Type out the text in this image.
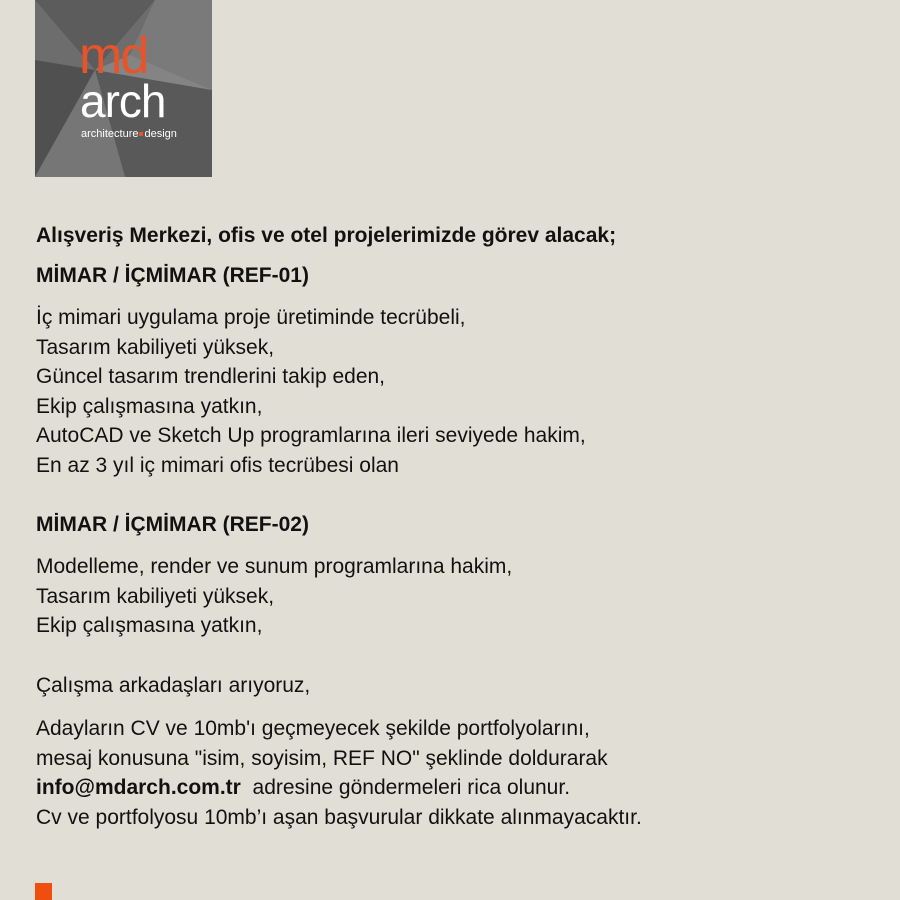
md
arch
architecture design

Alışveriş Merkezi, ofis ve otel projelerimizde görev alacak;

MİMAR / İÇMİMAR (REF-01)

İç mimari uygulama proje üretiminde tecrübeli,
Tasarım kabiliyeti yüksek,
Güncel tasarım trendlerini takip eden,
Ekip çalışmasına yatkın,
AutoCAD ve Sketch Up programlarına ileri seviyede hakim,
En az 3 yıl iç mimari ofis tecrübesi olan

MİMAR / İÇMİMAR (REF-02)

Modelleme, render ve sunum programlarına hakim,
Tasarım kabiliyeti yüksek,
Ekip çalışmasına yatkın,
Çalışma arkadaşları arıyoruz,
Adayların CV ve 10mb'ı geçmeyecek şekilde portfolyolarını,
mesaj konusuna "isim, soyisim, REF NO" şeklinde doldurarak
info@mdarch.com.tr  adresine göndermeleri rica olunur.
Cv ve portfolyosu 10mb’ı aşan başvurular dikkate alınmayacaktır.
